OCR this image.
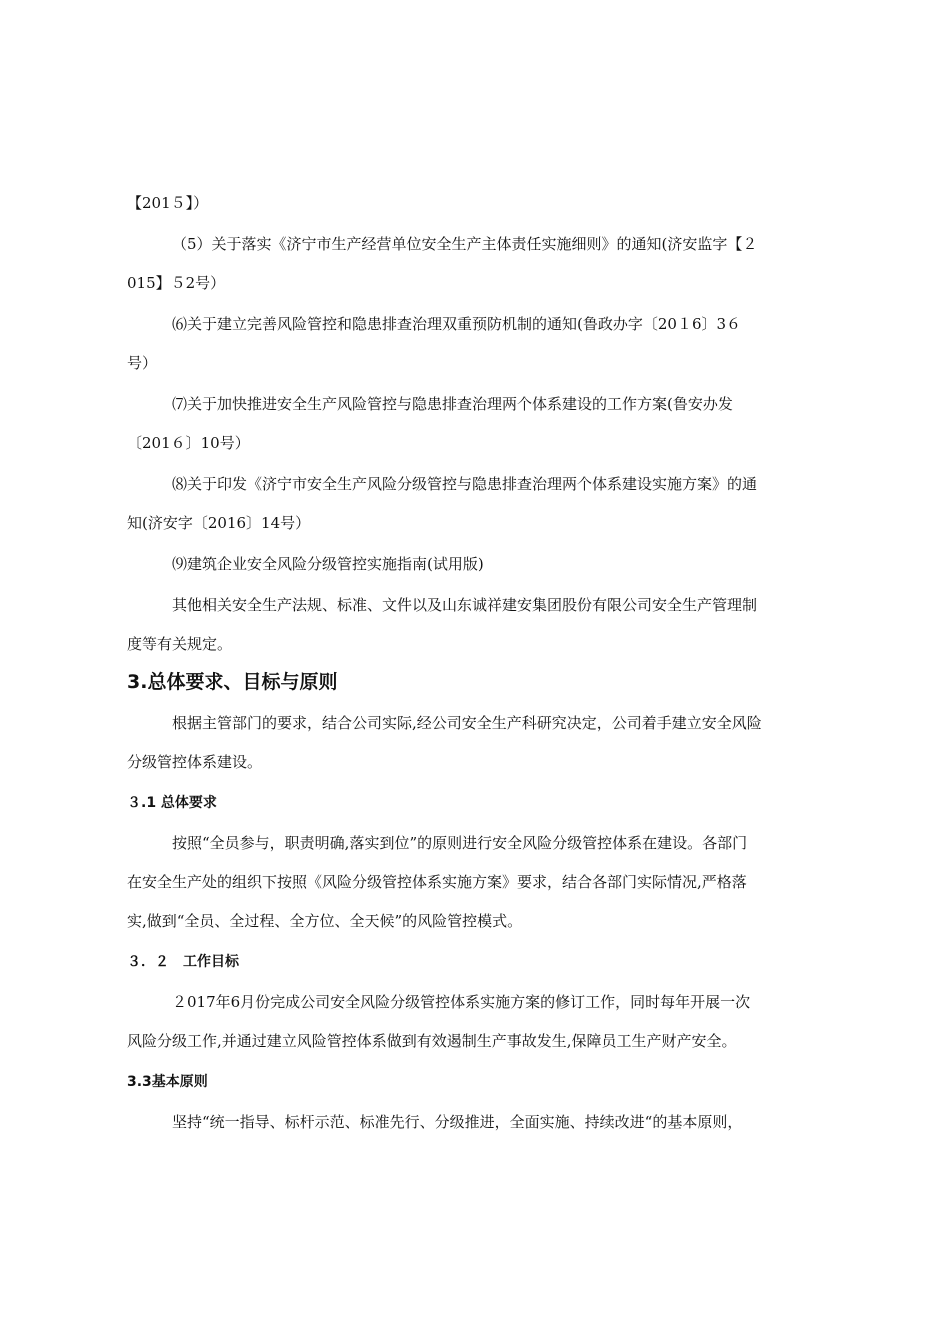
【201５】）
（5）关于落实《济宁市生产经营单位安全生产主体责任实施细则》的通知(济安监字【２
015】５2号）
⑹关于建立完善风险管控和隐患排查治理双重预防机制的通知(鲁政办字〔20１6〕3６
号）
⑺关于加快推进安全生产风险管控与隐患排查治理两个体系建设的工作方案(鲁安办发
〔201６〕10号）
⑻关于印发《济宁市安全生产风险分级管控与隐患排查治理两个体系建设实施方案》的通
知(济安字〔2016〕14号）
⑼建筑企业安全风险分级管控实施指南(试用版)
其他相关安全生产法规、标准、文件以及山东诚祥建安集团股份有限公司安全生产管理制
度等有关规定。
3.总体要求、目标与原则
根据主管部门的要求，结合公司实际,经公司安全生产科研究决定，公司着手建立安全风险
分级管控体系建设。
３.1 总体要求
按照“全员参与，职责明确,落实到位”的原则进行安全风险分级管控体系在建设。各部门
在安全生产处的组织下按照《风险分级管控体系实施方案》要求，结合各部门实际情况,严格落
实,做到“全员、全过程、全方位、全天候”的风险管控模式。
３．２　工作目标
２017年6月份完成公司安全风险分级管控体系实施方案的修订工作，同时每年开展一次
风险分级工作,并通过建立风险管控体系做到有效遏制生产事故发生,保障员工生产财产安全。
3.3基本原则
坚持“统一指导、标杆示范、标准先行、分级推进，全面实施、持续改进“的基本原则，
